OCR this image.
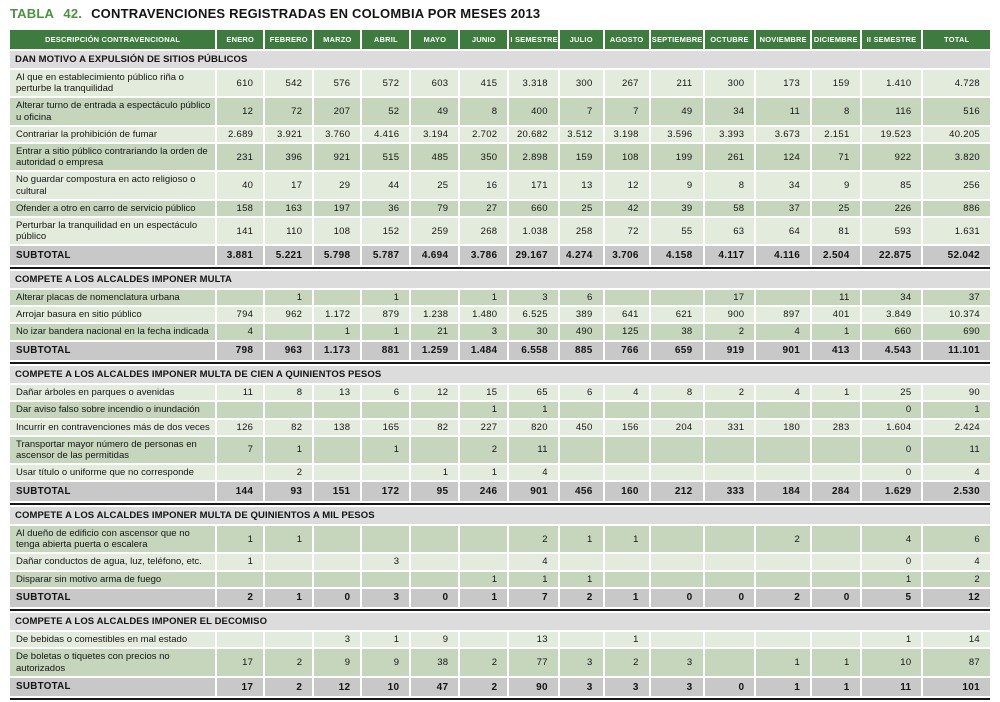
TABLA 42. CONTRAVENCIONES REGISTRADAS EN COLOMBIA POR MESES 2013
DESCRIPCIÓN CONTRAVENCIONAL	ENERO	FEBRERO	MARZO	ABRIL	MAYO	JUNIO	I SEMESTRE	JULIO	AGOSTO	SEPTIEMBRE	OCTUBRE	NOVIEMBRE	DICIEMBRE	II SEMESTRE	TOTAL
DAN MOTIVO A EXPULSIÓN DE SITIOS PÚBLICOS															
Al que en establecimiento público riña o perturbe la tranquilidad	610	542	576	572	603	415	3.318	300	267	211	300	173	159	1.410	4.728
Alterar turno de entrada a espectáculo público u oficina	12	72	207	52	49	8	400	7	7	49	34	11	8	116	516
Contrariar la prohibición de fumar	2.689	3.921	3.760	4.416	3.194	2.702	20.682	3.512	3.198	3.596	3.393	3.673	2.151	19.523	40.205
Entrar a sitio público contrariando la orden de autoridad o empresa	231	396	921	515	485	350	2.898	159	108	199	261	124	71	922	3.820
No guardar compostura en acto religioso o cultural	40	17	29	44	25	16	171	13	12	9	8	34	9	85	256
Ofender a otro en carro de servicio público	158	163	197	36	79	27	660	25	42	39	58	37	25	226	886
Perturbar la tranquilidad en un espectáculo público	141	110	108	152	259	268	1.038	258	72	55	63	64	81	593	1.631
SUBTOTAL	3.881	5.221	5.798	5.787	4.694	3.786	29.167	4.274	3.706	4.158	4.117	4.116	2.504	22.875	52.042

COMPETE A LOS ALCALDES IMPONER MULTA															
Alterar placas de nomenclatura urbana		1		1		1	3	6			17		11	34	37
Arrojar basura en sitio público	794	962	1.172	879	1.238	1.480	6.525	389	641	621	900	897	401	3.849	10.374
No izar bandera nacional en la fecha indicada	4		1	1	21	3	30	490	125	38	2	4	1	660	690
SUBTOTAL	798	963	1.173	881	1.259	1.484	6.558	885	766	659	919	901	413	4.543	11.101

COMPETE A LOS ALCALDES IMPONER MULTA DE CIEN A QUINIENTOS PESOS															
Dañar árboles en parques o avenidas	11	8	13	6	12	15	65	6	4	8	2	4	1	25	90
Dar aviso falso sobre incendio o inundación						1	1							0	1
Incurrir en contravenciones más de dos veces	126	82	138	165	82	227	820	450	156	204	331	180	283	1.604	2.424
Transportar mayor número de personas en ascensor de las permitidas	7	1		1		2	11							0	11
Usar título o uniforme que no corresponde		2			1	1	4							0	4
SUBTOTAL	144	93	151	172	95	246	901	456	160	212	333	184	284	1.629	2.530

COMPETE A LOS ALCALDES IMPONER MULTA DE QUINIENTOS A MIL PESOS															
Al dueño de edificio con ascensor que no tenga abierta puerta o escalera	1	1					2	1	1			2		4	6
Dañar conductos de agua, luz, teléfono, etc.	1			3			4							0	4
Disparar sin motivo arma de fuego						1	1	1						1	2
SUBTOTAL	2	1	0	3	0	1	7	2	1	0	0	2	0	5	12

COMPETE A LOS ALCALDES IMPONER EL DECOMISO															
De bebidas o comestibles en mal estado			3	1	9		13		1					1	14
De boletas o tiquetes con precios no autorizados	17	2	9	9	38	2	77	3	2	3		1	1	10	87
SUBTOTAL	17	2	12	10	47	2	90	3	3	3	0	1	1	11	101
